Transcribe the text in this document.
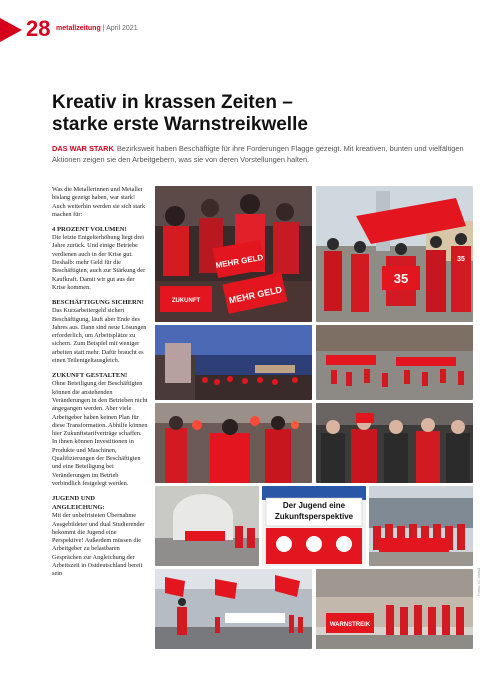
28 metallzeitung | April 2021
Kreativ in krassen Zeiten –
starke erste Warnstreikwelle
DAS WAR STARK Bezirksweit haben Beschäftigte für ihre Forderungen Flagge gezeigt. Mit kreativen, bunten und vielfältigen Aktionen zeigen sie den Arbeitgebern, was sie von deren Vorstellungen halten.

Was die Metallerinnen und Metaller bislang gezeigt haben, war stark! Auch weiterhin werden sie sich stark machen für:

4 PROZENT VOLUMEN!

Die letzte Entgelterhöhung liegt drei Jahre zurück. Und einige Betriebe verdienen auch in der Krise gut. Deshalb: mehr Geld für die Beschäftigten, auch zur Stärkung der Kaufkraft. Damit wir gut aus der Krise kommen.

BESCHÄFTIGUNG SICHERN!

Das Kurzarbeitergeld sichert Beschäftigung, läuft aber Ende des Jahres aus. Dann sind neue Lösungen erforderlich, um Arbeitsplätze zu sichern. Zum Beispiel mit weniger arbeiten statt mehr. Dafür braucht es einen Teilentgeltausgleich.

ZUKUNFT GESTALTEN!

Ohne Beteiligung der Beschäftigten können die anstehenden Veränderungen in den Betrieben nicht angegangen werden. Aber viele Arbeitgeber haben keinen Plan für diese Transformation. Abhilfe können hier Zukunftstarifverträge schaffen. In ihnen können Investitionen in Produkte und Maschinen, Qualifizierungen der Beschäftigten und eine Beteiligung bei Veränderungen im Betrieb verbindlich festgelegt werden.

JUGEND UND ANGLEICHUNG:

Mit der unbefristeten Übernahme Ausgebildeter und dual Studierender bekommt die Jugend eine Perspektive! Außerdem müssen die Arbeitgeber zu belastbaren Gesprächen zur Angleichung der Arbeitszeit in Ostdeutschland bereit sein

MEHR GELD
MEHR GELD
ZUKUNFT
35
35
Der Jugend eine
Zukunftsperspektive
WARNSTREIK
Fotos: IG Metall
